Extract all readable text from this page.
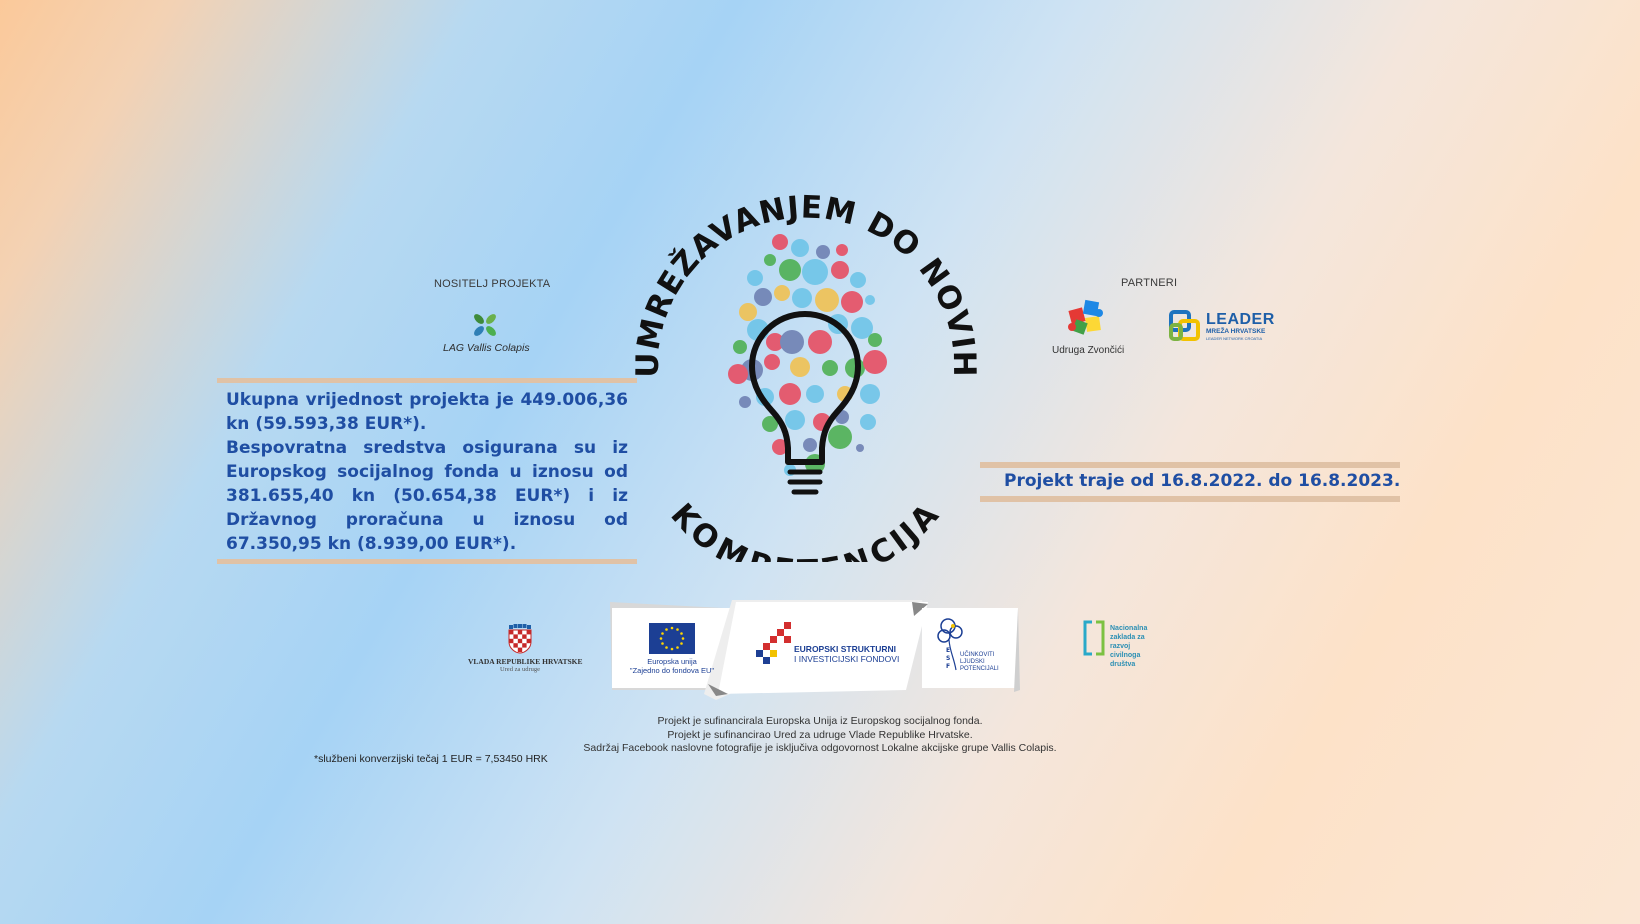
NOSITELJ PROJEKTA
LAG Vallis Colapis
Ukupna vrijednost projekta je 449.006,36 kn (59.593,38 EUR*).
Bespovratna sredstva osigurana su iz Europskog socijalnog fonda u iznosu od 381.655,40 kn (50.654,38 EUR*) i iz Državnog proračuna u iznosu od 67.350,95 kn (8.939,00 EUR*).
*službeni konverzijski tečaj 1 EUR = 7,53450 HRK
UMREŽAVANJEM DO NOVIH
KOM CIJA
PARTNERI
Udruga Zvončići
LEADER
MREŽA HRVATSKE
LEADER NETWORK CROATIA
Projekt traje od 16.8.2022. do 16.8.2023.
VLADA REPUBLIKE HRVATSKE
Ured za udruge
Europska unija
"Zajedno do fondova EU"
EUROPSKI STRUKTURNI
I INVESTICIJSKI FONDOVI
E
S
F
UČINKOVITI
LJUDSKI
POTENCIJALI
Nacionalna
zaklada za
razvoj
civilnoga
društva
Projekt je sufinancirala Europska Unija iz Europskog socijalnog fonda.
Projekt je sufinancirao Ured za udruge Vlade Republike Hrvatske.
Sadržaj Facebook naslovne fotografije je isključiva odgovornost Lokalne akcijske grupe Vallis Colapis.
